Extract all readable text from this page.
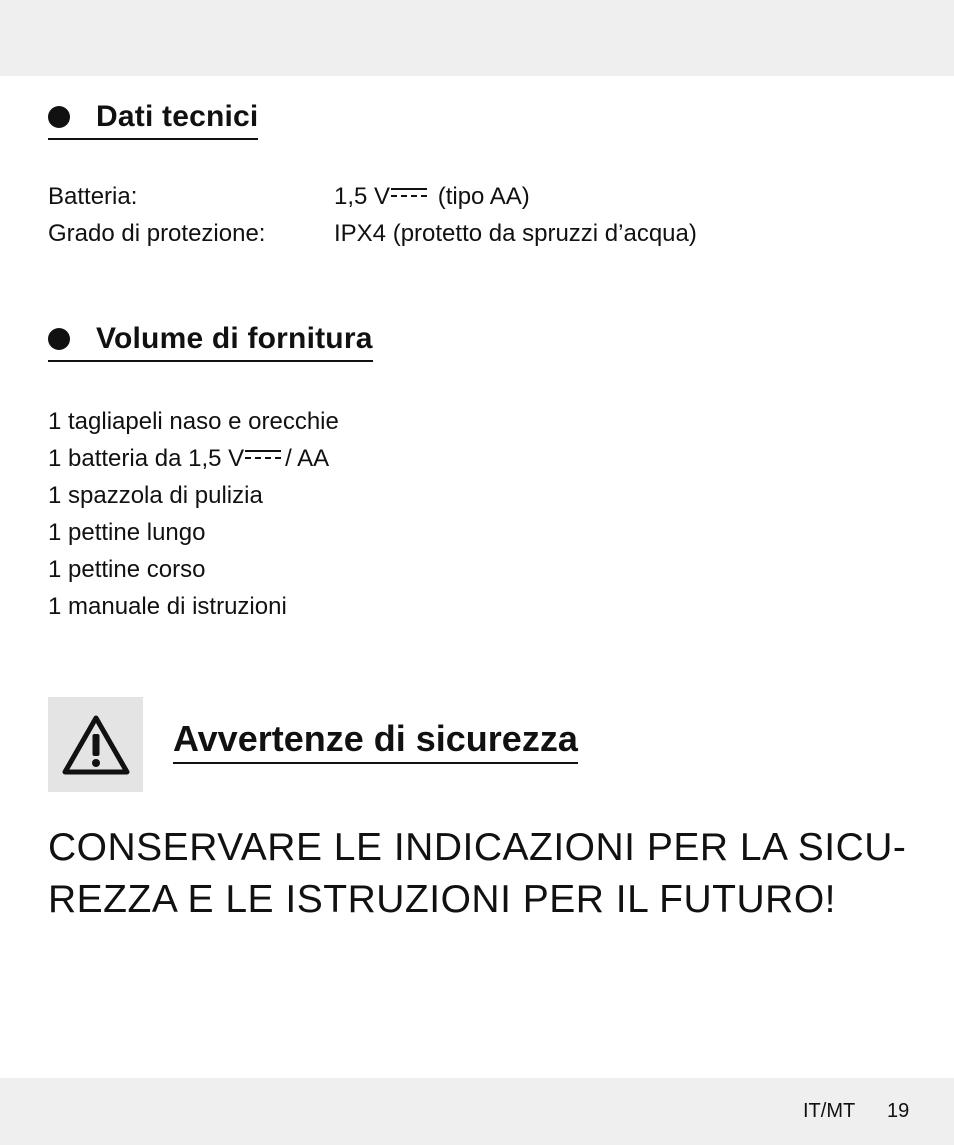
Dati tecnici
Batteria:	1,5 V
(tipo AA)
Grado di protezione:	IPX4 (protetto da spruzzi d’acqua)
Volume di fornitura
1 tagliapeli naso e orecchie
1 batteria da 1,5 V / AA
1 spazzola di pulizia
1 pettine lungo
1 pettine corso
1 manuale di istruzioni
Avvertenze di sicurezza
CONSERVARE LE INDICAZIONI PER LA SICU-
REZZA E LE ISTRUZIONI PER IL FUTURO!
IT/MT 19
